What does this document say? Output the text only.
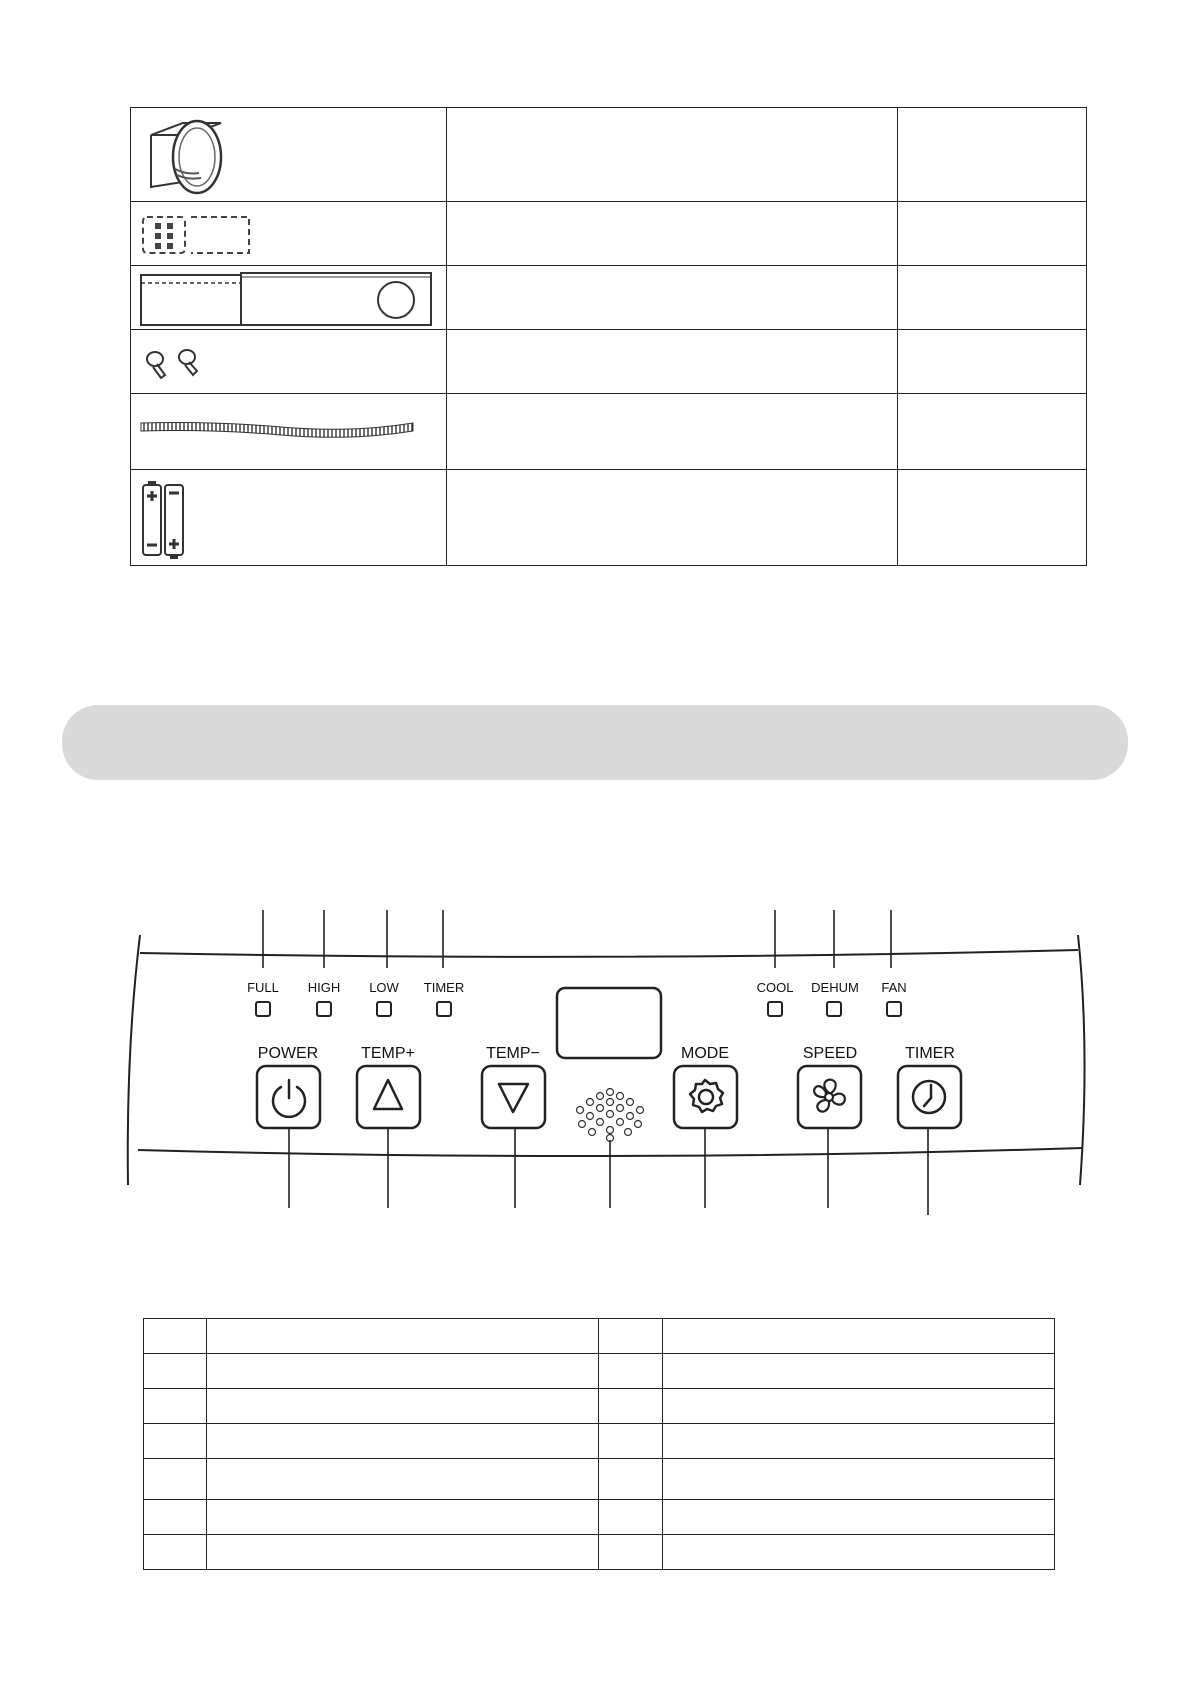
FULL HIGH LOW TIMER	COOL DEHUM FAN
POWER	TEMP+	TEMP−	MODE	SPEED	TIMER
